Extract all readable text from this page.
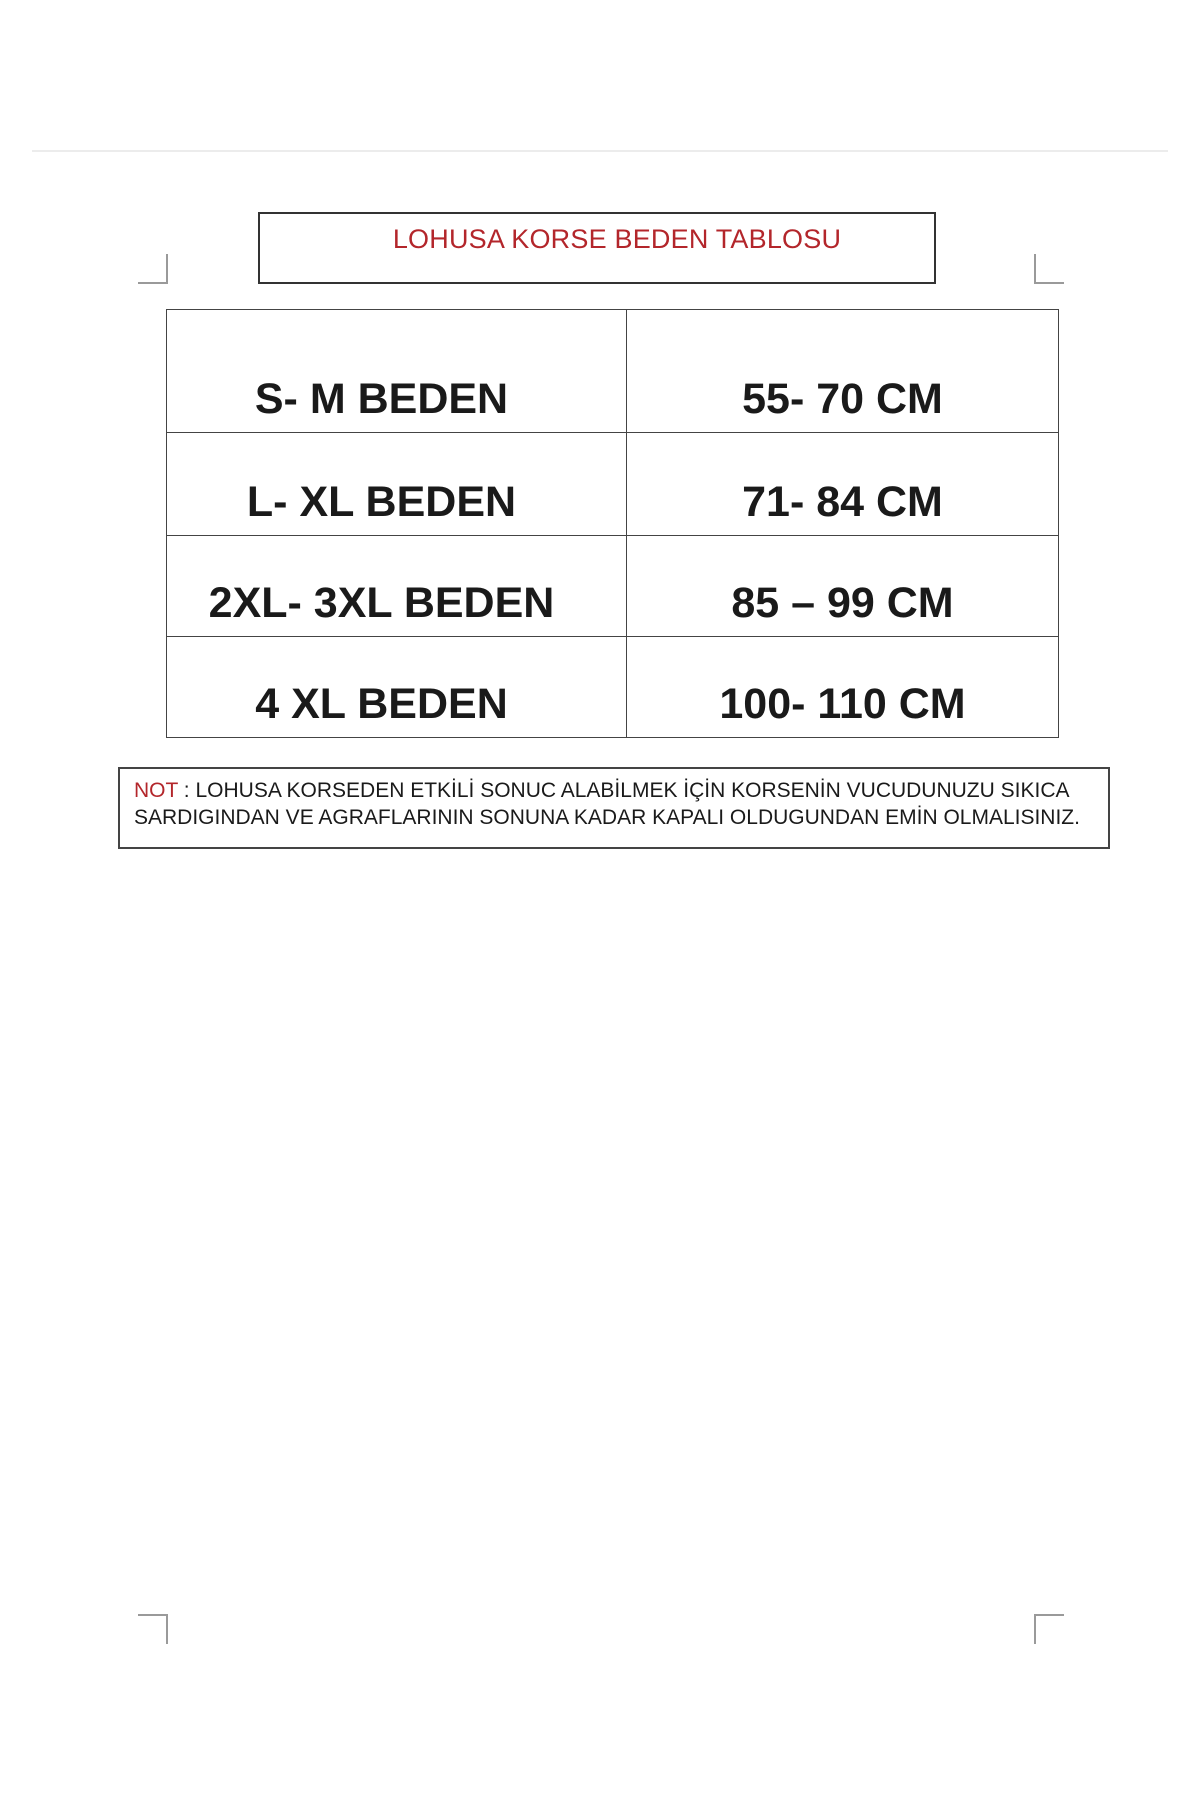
LOHUSA KORSE BEDEN TABLOSU
S- M BEDEN	55- 70 CM
L- XL BEDEN	71- 84 CM
2XL- 3XL BEDEN	85 – 99 CM
4 XL BEDEN	100- 110 CM
NOT : LOHUSA KORSEDEN ETKİLİ SONUC ALABİLMEK İÇİN KORSENİN VUCUDUNUZU SIKICA SARDIGINDAN VE AGRAFLARININ SONUNA KADAR KAPALI OLDUGUNDAN EMİN OLMALISINIZ.
